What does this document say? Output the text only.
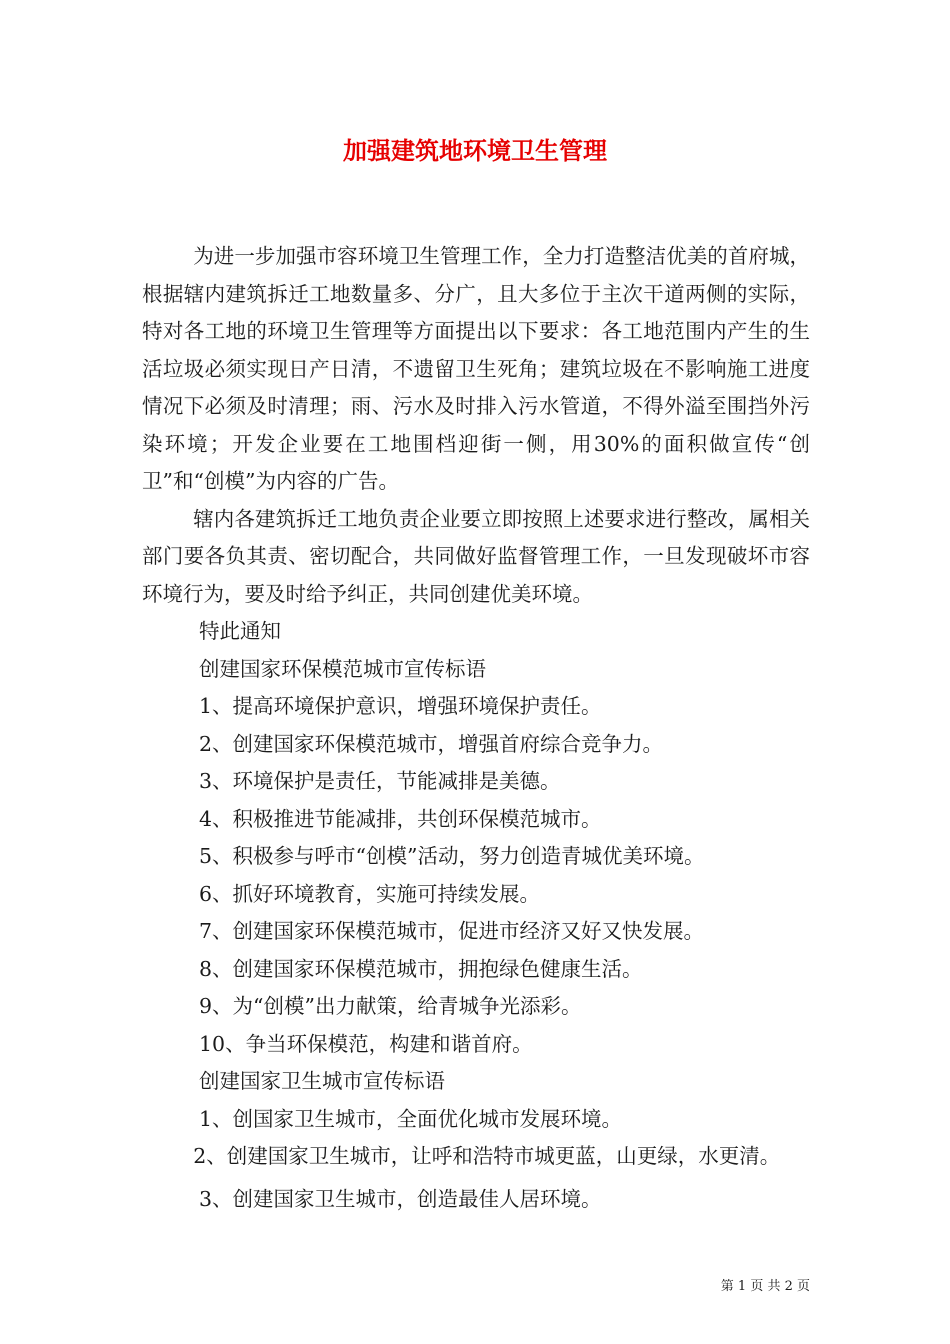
加强建筑地环境卫生管理

为进一步加强市容环境卫生管理工作，全力打造整洁优美的首府城，根据辖内建筑拆迁工地数量多、分广，且大多位于主次干道两侧的实际，特对各工地的环境卫生管理等方面提出以下要求：各工地范围内产生的生活垃圾必须实现日产日清，不遗留卫生死角；建筑垃圾在不影响施工进度情况下必须及时清理；雨、污水及时排入污水管道，不得外溢至围挡外污染环境；开发企业要在工地围档迎街一侧，用30%的面积做宣传“创卫”和“创模”为内容的广告。

辖内各建筑拆迁工地负责企业要立即按照上述要求进行整改，属相关部门要各负其责、密切配合，共同做好监督管理工作，一旦发现破坏市容环境行为，要及时给予纠正，共同创建优美环境。

特此通知

创建国家环保模范城市宣传标语

1、提高环境保护意识，增强环境保护责任。

2、创建国家环保模范城市，增强首府综合竞争力。

3、环境保护是责任，节能减排是美德。

4、积极推进节能减排，共创环保模范城市。

5、积极参与呼市“创模”活动，努力创造青城优美环境。

6、抓好环境教育，实施可持续发展。

7、创建国家环保模范城市，促进市经济又好又快发展。

8、创建国家环保模范城市，拥抱绿色健康生活。

9、为“创模”出力献策，给青城争光添彩。

10、争当环保模范，构建和谐首府。

创建国家卫生城市宣传标语

1、创国家卫生城市，全面优化城市发展环境。

2、创建国家卫生城市，让呼和浩特市城更蓝，山更绿，水更清。

3、创建国家卫生城市，创造最佳人居环境。

第 1 页 共 2 页
